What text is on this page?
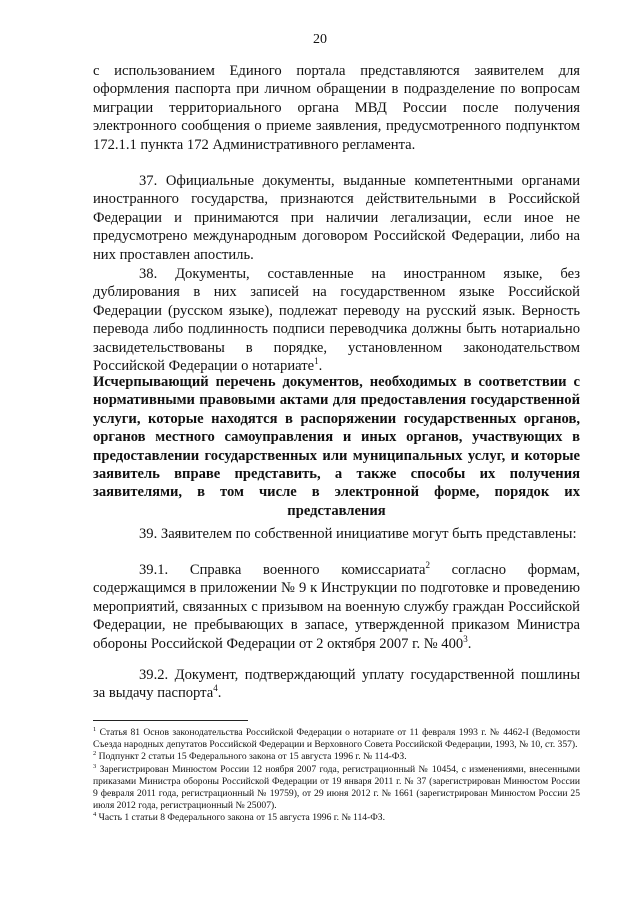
20

с использованием Единого портала представляются заявителем для оформления паспорта при личном обращении в подразделение по вопросам миграции территориального органа МВД России после получения электронного сообщения о приеме заявления, предусмотренного подпунктом 172.1.1 пункта 172 Административного регламента.

37. Официальные документы, выданные компетентными органами иностранного государства, признаются действительными в Российской Федерации и принимаются при наличии легализации, если иное не предусмотрено международным договором Российской Федерации, либо на них проставлен апостиль.

38. Документы, составленные на иностранном языке, без дублирования в них записей на государственном языке Российской Федерации (русском языке), подлежат переводу на русский язык. Верность перевода либо подлинность подписи переводчика должны быть нотариально засвидетельствованы в порядке, установленном законодательством Российской Федерации о нотариате$^1$.

Исчерпывающий перечень документов, необходимых в соответствии с нормативными правовыми актами для предоставления государственной услуги, которые находятся в распоряжении государственных органов, органов местного самоуправления и иных органов, участвующих в предоставлении государственных или муниципальных услуг, и которые заявитель вправе представить, а также способы их получения заявителями, в том числе в электронной форме, порядок их представления

39. Заявителем по собственной инициативе могут быть представлены:

39.1. Справка военного комиссариата$^2$ согласно формам, содержащимся в приложении № 9 к Инструкции по подготовке и проведению мероприятий, связанных с призывом на военную службу граждан Российской Федерации, не пребывающих в запасе, утвержденной приказом Министра обороны Российской Федерации от 2 октября 2007 г. № $400^3$.

39.2. Документ, подтверждающий уплату государственной пошлины за выдачу паспорта$^4$.

$^1$ Статья 81 Основ законодательства Российской Федерации о нотариате от 11 февраля 1993 г. № 4462-I (Ведомости Съезда народных депутатов Российской Федерации и Верховного Совета Российской Федерации, 1993, № 10, ст. 357).

$^2$ Подпункт 2 статьи 15 Федерального закона от 15 августа 1996 г. № 114-ФЗ.

$^3$ Зарегистрирован Минюстом России 12 ноября 2007 года, регистрационный № 10454, с изменениями, внесенными приказами Министра обороны Российской Федерации от 19 января 2011 г. № 37 (зарегистрирован Минюстом России 9 февраля 2011 года, регистрационный № 19759), от 29 июня 2012 г. № 1661 (зарегистрирован Минюстом России 25 июля 2012 года, регистрационный № 25007).

$^4$ Часть 1 статьи 8 Федерального закона от 15 августа 1996 г. № 114-ФЗ.
